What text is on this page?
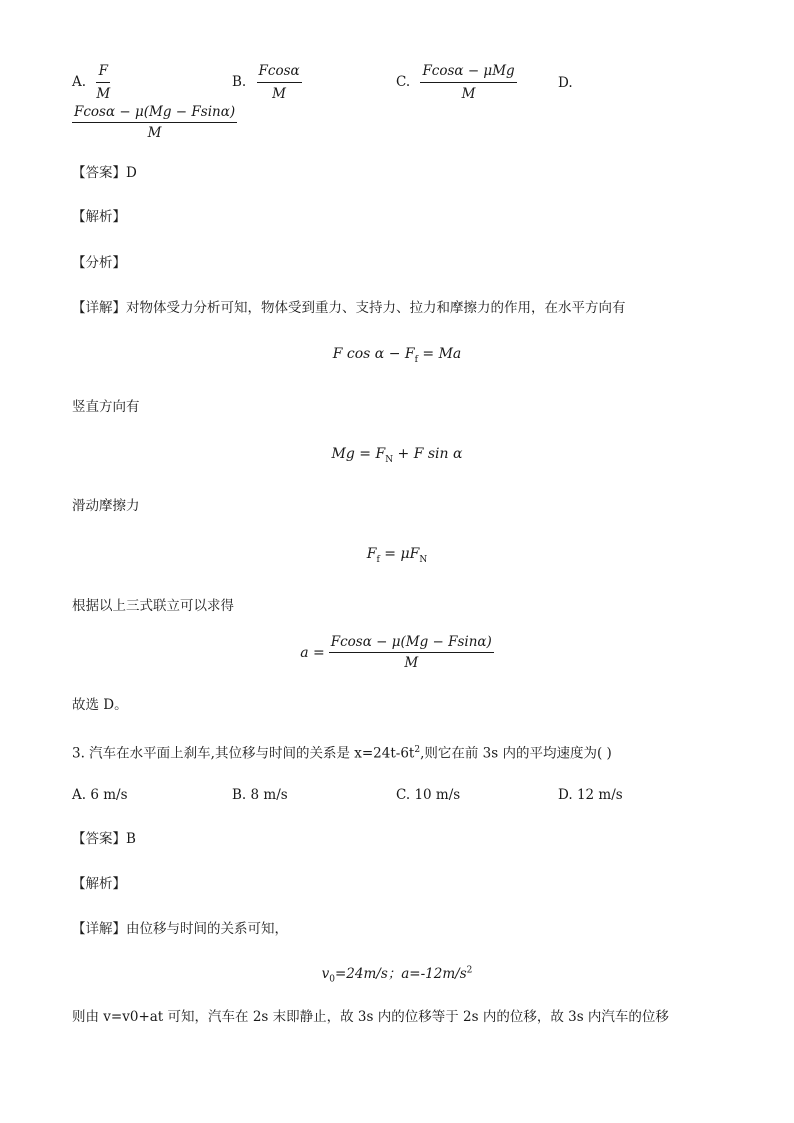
A. $\frac{F}{M}$	B. $\frac{Fcos\alpha}{M}$	C. $\frac{\text{Fcosα − μMg}}{M}$	D.
$\frac{Fcos\alpha - \mu(Mg - Fsin\alpha)}{M}$
【答案】D
【解析】
【分析】
【详解】对物体受力分析可知，物体受到重力、支持力、拉力和摩擦力的作用，在水平方向有
F $\cos \alpha - F_f = Ma$
竖直方向有
$Mg = F_N + F$ sin α
滑动摩擦力
$F_f = \mu F_N$
根据以上三式联立可以求得
$a = \frac{Fcos\alpha - \mu(Mg - Fsin\alpha)}{M}$
故选 D。
3. 汽车在水平面上刹车,其位移与时间的关系是 $x=24t-6t^2$,则它在前 3s 内的平均速度为( )
A. 6 m/s	B. 8 m/s	C. 10 m/s	D. 12 m/s
【答案】B
【解析】
【详解】由位移与时间的关系可知，
$v_0=24m/s$；$a=-12m/s^2$
则由 v=v0+at 可知，汽车在 2s 末即静止，故 3s 内的位移等于 2s 内的位移，故 3s 内汽车的位移
